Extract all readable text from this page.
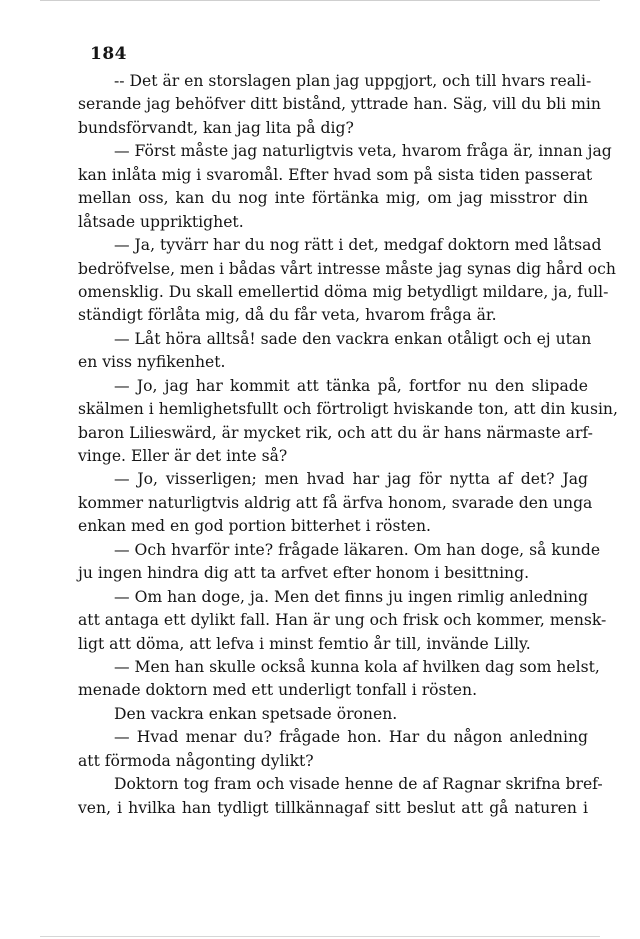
184
-- Det är en storslagen plan jag uppgjort, och till hvars reali-
serande jag behöfver ditt bistånd, yttrade han. Säg, vill du bli min
bundsförvandt, kan jag lita på dig?
— Först måste jag naturligtvis veta, hvarom fråga är, innan jag
kan inlåta mig i svaromål. Efter hvad som på sista tiden passerat
mellan oss, kan du nog inte förtänka mig, om jag misstror din
låtsade uppriktighet.
— Ja, tyvärr har du nog rätt i det, medgaf doktorn med låtsad
bedröfvelse, men i bådas vårt intresse måste jag synas dig hård och
omensklig. Du skall emellertid döma mig betydligt mildare, ja, full-
ständigt förlåta mig, då du får veta, hvarom fråga är.
— Låt höra alltså! sade den vackra enkan otåligt och ej utan
en viss nyfikenhet.
— Jo, jag har kommit att tänka på, fortfor nu den slipade
skälmen i hemlighetsfullt och förtroligt hviskande ton, att din kusin,
baron Lilieswärd, är mycket rik, och att du är hans närmaste arf-
vinge. Eller är det inte så?
— Jo, visserligen; men hvad har jag för nytta af det? Jag
kommer naturligtvis aldrig att få ärfva honom, svarade den unga
enkan med en god portion bitterhet i rösten.
— Och hvarför inte? frågade läkaren. Om han doge, så kunde
ju ingen hindra dig att ta arfvet efter honom i besittning.
— Om han doge, ja. Men det finns ju ingen rimlig anledning
att antaga ett dylikt fall. Han är ung och frisk och kommer, mensk-
ligt att döma, att lefva i minst femtio år till, invände Lilly.
— Men han skulle också kunna kola af hvilken dag som helst,
menade doktorn med ett underligt tonfall i rösten.
Den vackra enkan spetsade öronen.
— Hvad menar du? frågade hon. Har du någon anledning
att förmoda någonting dylikt?
Doktorn tog fram och visade henne de af Ragnar skrifna bref-
ven, i hvilka han tydligt tillkännagaf sitt beslut att gå naturen i
